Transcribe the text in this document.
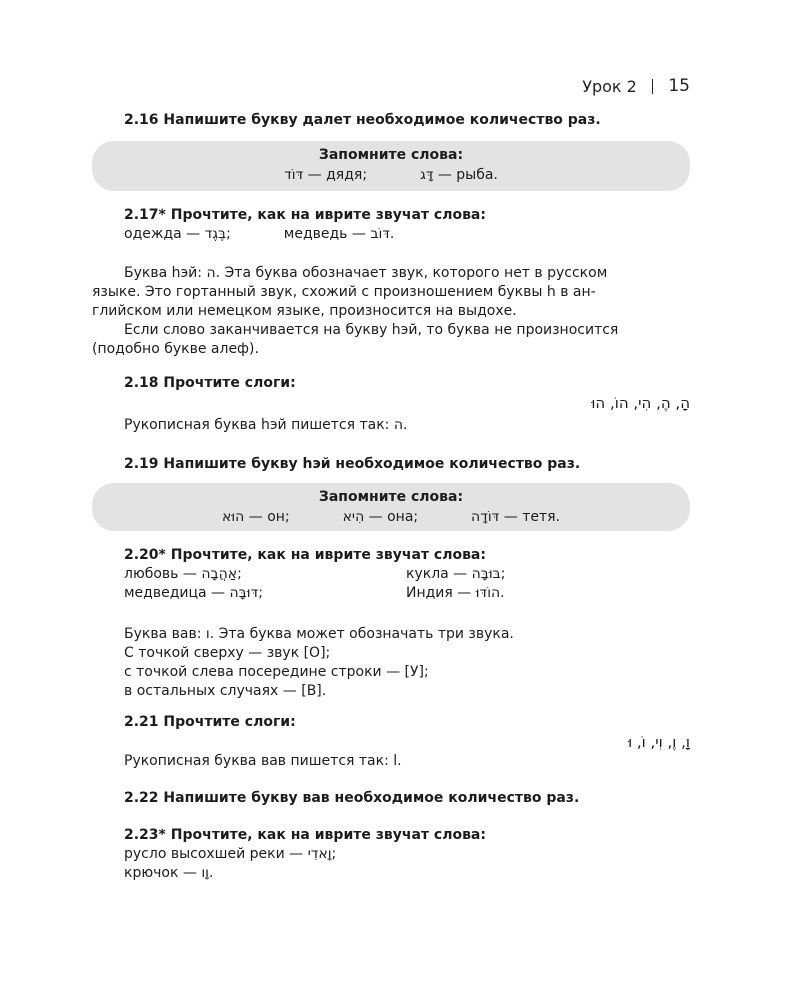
Урок 2 15
2.16 Напишите букву далет необходимое количество раз.
Запомните слова:
דּוֹד — дядя;	דָּג — рыба.
2.17* Прочтите, как на иврите звучат слова:
одежда — בֶּגֶד;	медведь — דּוֹב.
Буква hэй: ה. Эта буква обозначает звук, которого нет в русском
языке. Это гортанный звук, схожий с произношением буквы h в ан-
глийском или немецком языке, произносится на выдохе.
Если слово заканчивается на букву hэй, то буква не произносится
(подобно букве алеф).
2.18 Прочтите слоги:
הָ, הֶ, הִי, הוֹ, הוּ
Рукописная буква hэй пишется так: ה.
2.19 Напишите букву hэй необходимое количество раз.
Запомните слова:
הוּא — он;	הִיא — она;	דּוֹדָה — тетя.
2.20* Прочтите, как на иврите звучат слова:
любовь — אַהֲבָה;	кукла — בּוּבָּה;
медведица — דּוּבָּה;	Индия — הוֹדּוּ.
Буква вав: ו. Эта буква может обозначать три звука.
С точкой сверху — звук [О];
с точкой слева посередине строки — [У];
в остальных случаях — [В].
2.21 Прочтите слоги:
וָ, וֶ, וִי, וֹ, וּ
Рукописная буква вав пишется так: l.
2.22 Напишите букву вав необходимое количество раз.
2.23* Прочтите, как на иврите звучат слова:
русло высохшей реки — וָאדִי;
крючок — וָו.
